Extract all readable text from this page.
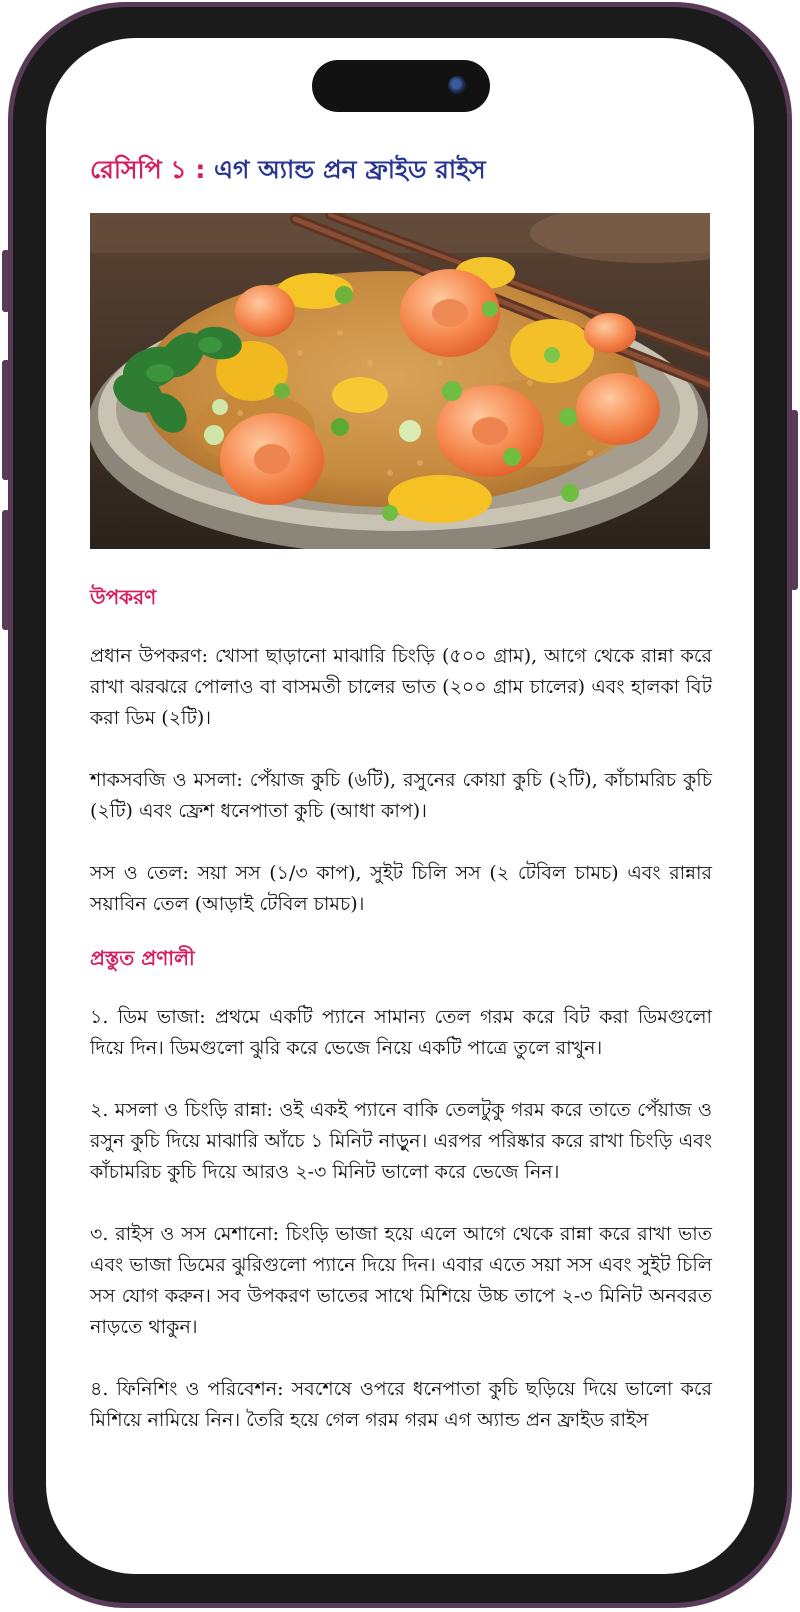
রেসিপি ১ : এগ অ্যান্ড প্রন ফ্রাইড রাইস
উপকরণ

প্রধান উপকরণ: খোসা ছাড়ানো মাঝারি চিংড়ি (৫০০ গ্রাম), আগে থেকে রান্না করে রাখা ঝরঝরে পোলাও বা বাসমতী চালের ভাত (২০০ গ্রাম চালের) এবং হালকা বিট করা ডিম (২টি)।

শাকসবজি ও মসলা: পেঁয়াজ কুচি (৬টি), রসুনের কোয়া কুচি (২টি), কাঁচামরিচ কুচি (২টি) এবং ফ্রেশ ধনেপাতা কুচি (আধা কাপ)।

সস ও তেল: সয়া সস (১/৩ কাপ), সুইট চিলি সস (২ টেবিল চামচ) এবং রান্নার সয়াবিন তেল (আড়াই টেবিল চামচ)।

প্রস্তুত প্রণালী

১. ডিম ভাজা: প্রথমে একটি প্যানে সামান্য তেল গরম করে বিট করা ডিমগুলো দিয়ে দিন। ডিমগুলো ঝুরি করে ভেজে নিয়ে একটি পাত্রে তুলে রাখুন।

২. মসলা ও চিংড়ি রান্না: ওই একই প্যানে বাকি তেলটুকু গরম করে তাতে পেঁয়াজ ও রসুন কুচি দিয়ে মাঝারি আঁচে ১ মিনিট নাড়ুন। এরপর পরিষ্কার করে রাখা চিংড়ি এবং কাঁচামরিচ কুচি দিয়ে আরও ২-৩ মিনিট ভালো করে ভেজে নিন।

৩. রাইস ও সস মেশানো: চিংড়ি ভাজা হয়ে এলে আগে থেকে রান্না করে রাখা ভাত এবং ভাজা ডিমের ঝুরিগুলো প্যানে দিয়ে দিন। এবার এতে সয়া সস এবং সুইট চিলি সস যোগ করুন। সব উপকরণ ভাতের সাথে মিশিয়ে উচ্চ তাপে ২-৩ মিনিট অনবরত নাড়তে থাকুন।

৪. ফিনিশিং ও পরিবেশন: সবশেষে ওপরে ধনেপাতা কুচি ছড়িয়ে দিয়ে ভালো করে মিশিয়ে নামিয়ে নিন। তৈরি হয়ে গেল গরম গরম এগ অ্যান্ড প্রন ফ্রাইড রাইস
